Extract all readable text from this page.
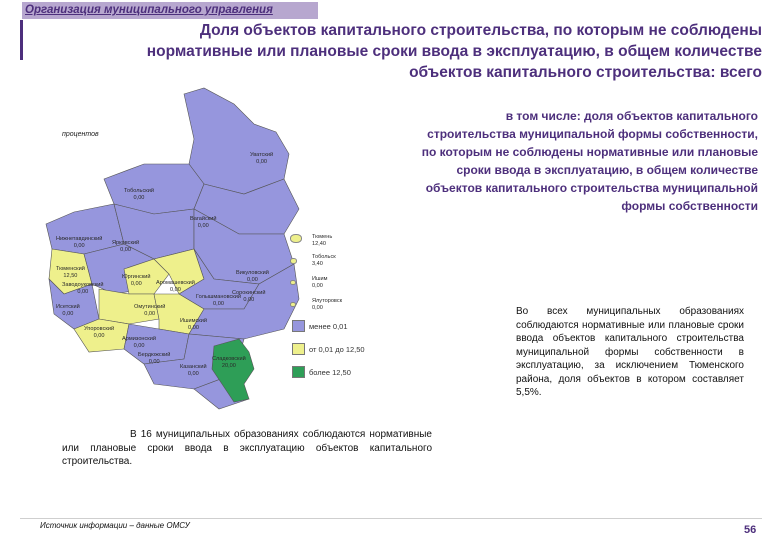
Организация муниципального управления
Доля объектов капитального строительства, по которым не соблюдены
нормативные или плановые сроки ввода в эксплуатацию, в общем количестве
объектов капитального строительства: всего
процентов
Уватский
0,00
Тобольский
0,00
Вагайский
0,00
Нижнетавдинский
0,00	Ярковский
0,00
Тюменский
12,50
Заводоуковский
0,00
Юргинский
0,00	Аромашевский
0,00
Голышмановский
0,00
Исетский
0,00
Упоровский
0,00
Омутинский
0,00
Армизонский
0,00
Ишимский
0,00
Сорокинский
0,00
Викуловский
0,00
Казанский
0,00
Бердюжский
0,00	Сладковский
20,00
Тюмень
12,40
Тобольск
3,40
Ишим
0,00
Ялуторовск
0,00
менее 0,01
от 0,01 до 12,50
более 12,50
в том числе: доля объектов капитального строительства муниципальной формы собственности, по которым не соблюдены нормативные или плановые сроки ввода в эксплуатацию, в общем количестве объектов капитального строительства муниципальной формы собственности
Во всех муниципальных образованиях соблюдаются нормативные или плановые сроки ввода объектов капитального строительства муниципальной формы собственности в эксплуатацию, за исключением Тюменского района, доля объектов в котором составляет 5,5%.
В 16 муниципальных образованиях соблюдаются нормативные или плановые сроки ввода в эксплуатацию объектов капитального строительства.
Источник информации – данные ОМСУ	56
